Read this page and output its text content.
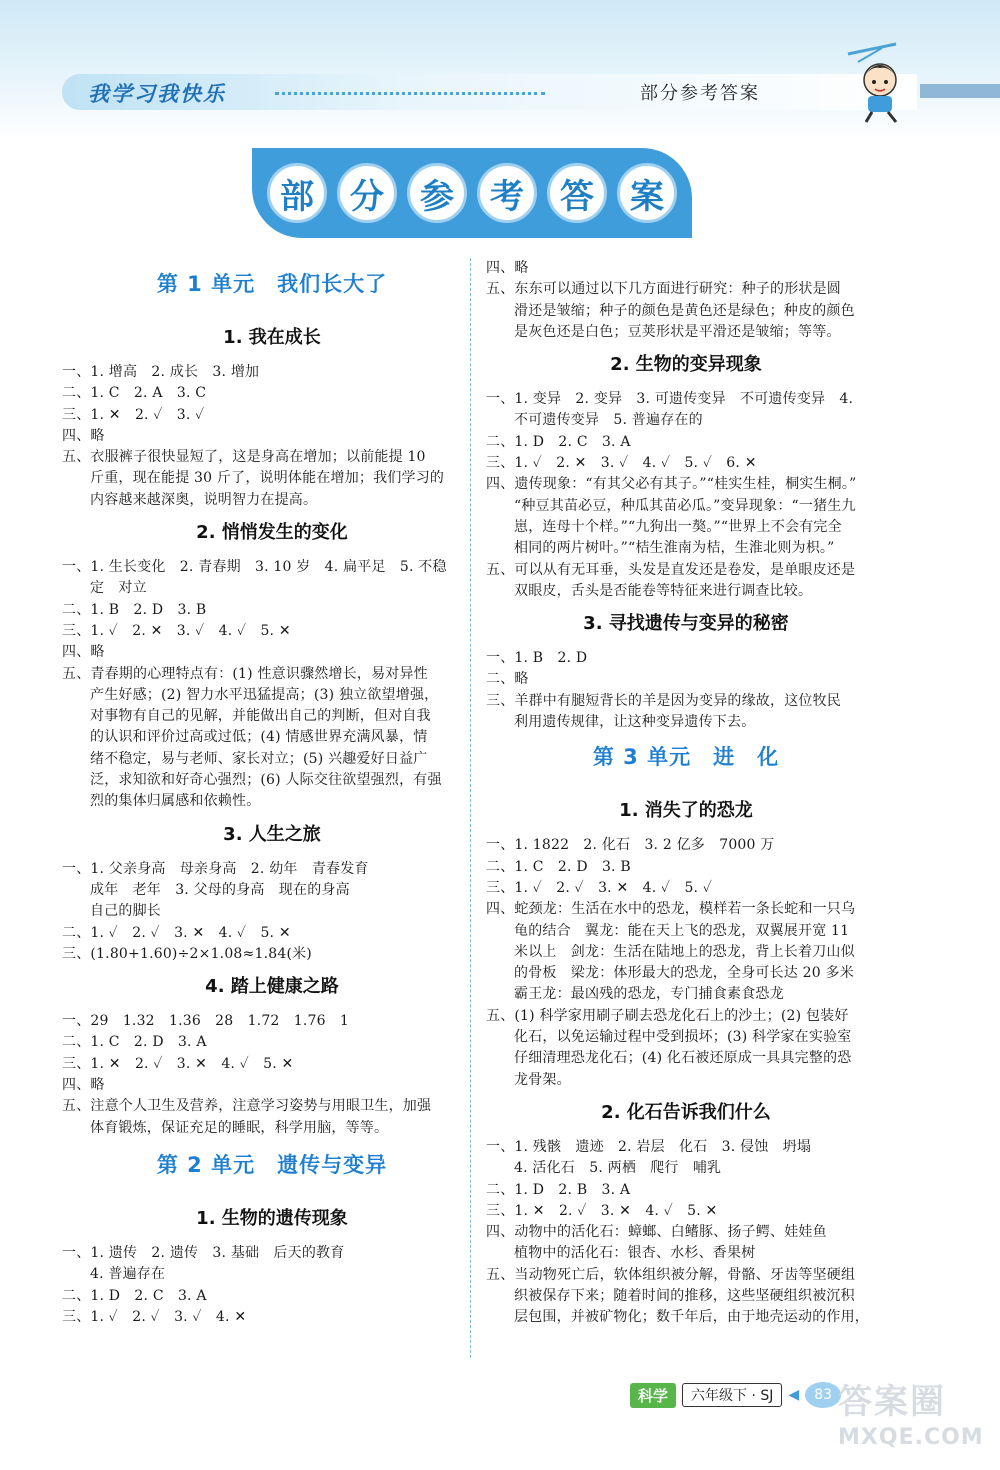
我学习我快乐	部分参考答案
部	分	参	考	答	案
第 1 单元 我们长大了
1. 我在成长
一、1. 增高　2. 成长　3. 增加
二、1. C　2. A　3. C
三、1. ✕　2. ✓　3. ✓
四、略
五、衣服裤子很快显短了，这是身高在增加；以前能提 10
斤重，现在能提 30 斤了，说明体能在增加；我们学习的
内容越来越深奥，说明智力在提高。
2. 悄悄发生的变化
一、1. 生长变化　2. 青春期　3. 10 岁　4. 扁平足　5. 不稳
定　对立
二、1. B　2. D　3. B
三、1. ✓　2. ✕　3. ✓　4. ✓　5. ✕
四、略
五、青春期的心理特点有：(1) 性意识骤然增长，易对异性
产生好感；(2) 智力水平迅猛提高；(3) 独立欲望增强，
对事物有自己的见解，并能做出自己的判断，但对自我
的认识和评价过高或过低；(4) 情感世界充满风暴，情
绪不稳定，易与老师、家长对立；(5) 兴趣爱好日益广
泛，求知欲和好奇心强烈；(6) 人际交往欲望强烈，有强
烈的集体归属感和依赖性。
3. 人生之旅
一、1. 父亲身高　母亲身高　2. 幼年　青春发育
成年　老年　3. 父母的身高　现在的身高
自己的脚长
二、1. ✓　2. ✓　3. ✕　4. ✓　5. ✕
三、(1.80+1.60)÷2×1.08≈1.84(米)
4. 踏上健康之路
一、29　1.32　1.36　28　1.72　1.76　1
二、1. C　2. D　3. A
三、1. ✕　2. ✓　3. ✕　4. ✓　5. ✕
四、略
五、注意个人卫生及营养，注意学习姿势与用眼卫生，加强
体育锻炼，保证充足的睡眠，科学用脑，等等。
第 2 单元 遗传与变异
1. 生物的遗传现象
一、1. 遗传　2. 遗传　3. 基础　后天的教育
4. 普遍存在
二、1. D　2. C　3. A
三、1. ✓　2. ✓　3. ✓　4. ✕
四、略
五、东东可以通过以下几方面进行研究：种子的形状是圆
滑还是皱缩；种子的颜色是黄色还是绿色；种皮的颜色
是灰色还是白色；豆荚形状是平滑还是皱缩；等等。
2. 生物的变异现象
一、1. 变异　2. 变异　3. 可遗传变异　不可遗传变异　4.
不可遗传变异　5. 普遍存在的
二、1. D　2. C　3. A
三、1. ✓　2. ✕　3. ✓　4. ✓　5. ✓　6. ✕
四、遗传现象：“有其父必有其子。”“桂实生桂，桐实生桐。”
“种豆其苗必豆，种瓜其苗必瓜。”变异现象：“一猪生九
崽，连母十个样。”“九狗出一獒。”“世界上不会有完全
相同的两片树叶。”“桔生淮南为桔，生淮北则为枳。”
五、可以从有无耳垂，头发是直发还是卷发，是单眼皮还是
双眼皮，舌头是否能卷等特征来进行调查比较。
3. 寻找遗传与变异的秘密
一、1. B　2. D
二、略
三、羊群中有腿短背长的羊是因为变异的缘故，这位牧民
利用遗传规律，让这种变异遗传下去。
第 3 单元 进　化
1. 消失了的恐龙
一、1. 1822　2. 化石　3. 2 亿多　7000 万
二、1. C　2. D　3. B
三、1. ✓　2. ✓　3. ✕　4. ✓　5. ✓
四、蛇颈龙：生活在水中的恐龙，模样若一条长蛇和一只乌
龟的结合　翼龙：能在天上飞的恐龙，双翼展开宽 11
米以上　剑龙：生活在陆地上的恐龙，背上长着刀山似
的骨板　梁龙：体形最大的恐龙，全身可长达 20 多米
霸王龙：最凶残的恐龙，专门捕食素食恐龙
五、(1) 科学家用刷子刷去恐龙化石上的沙土；(2) 包装好
化石，以免运输过程中受到损坏；(3) 科学家在实验室
仔细清理恐龙化石；(4) 化石被还原成一具具完整的恐
龙骨架。
2. 化石告诉我们什么
一、1. 残骸　遗迹　2. 岩层　化石　3. 侵蚀　坍塌
4. 活化石　5. 两栖　爬行　哺乳
二、1. D　2. B　3. A
三、1. ✕　2. ✓　3. ✕　4. ✓　5. ✕
四、动物中的活化石：蟑螂、白鳍豚、扬子鳄、娃娃鱼
植物中的活化石：银杏、水杉、香果树
五、当动物死亡后，软体组织被分解，骨骼、牙齿等坚硬组
织被保存下来；随着时间的推移，这些坚硬组织被沉积
层包围，并被矿物化；数千年后，由于地壳运动的作用，
科学	六年级下 · SJ	◀	83 答案圈
MXQE.COM
